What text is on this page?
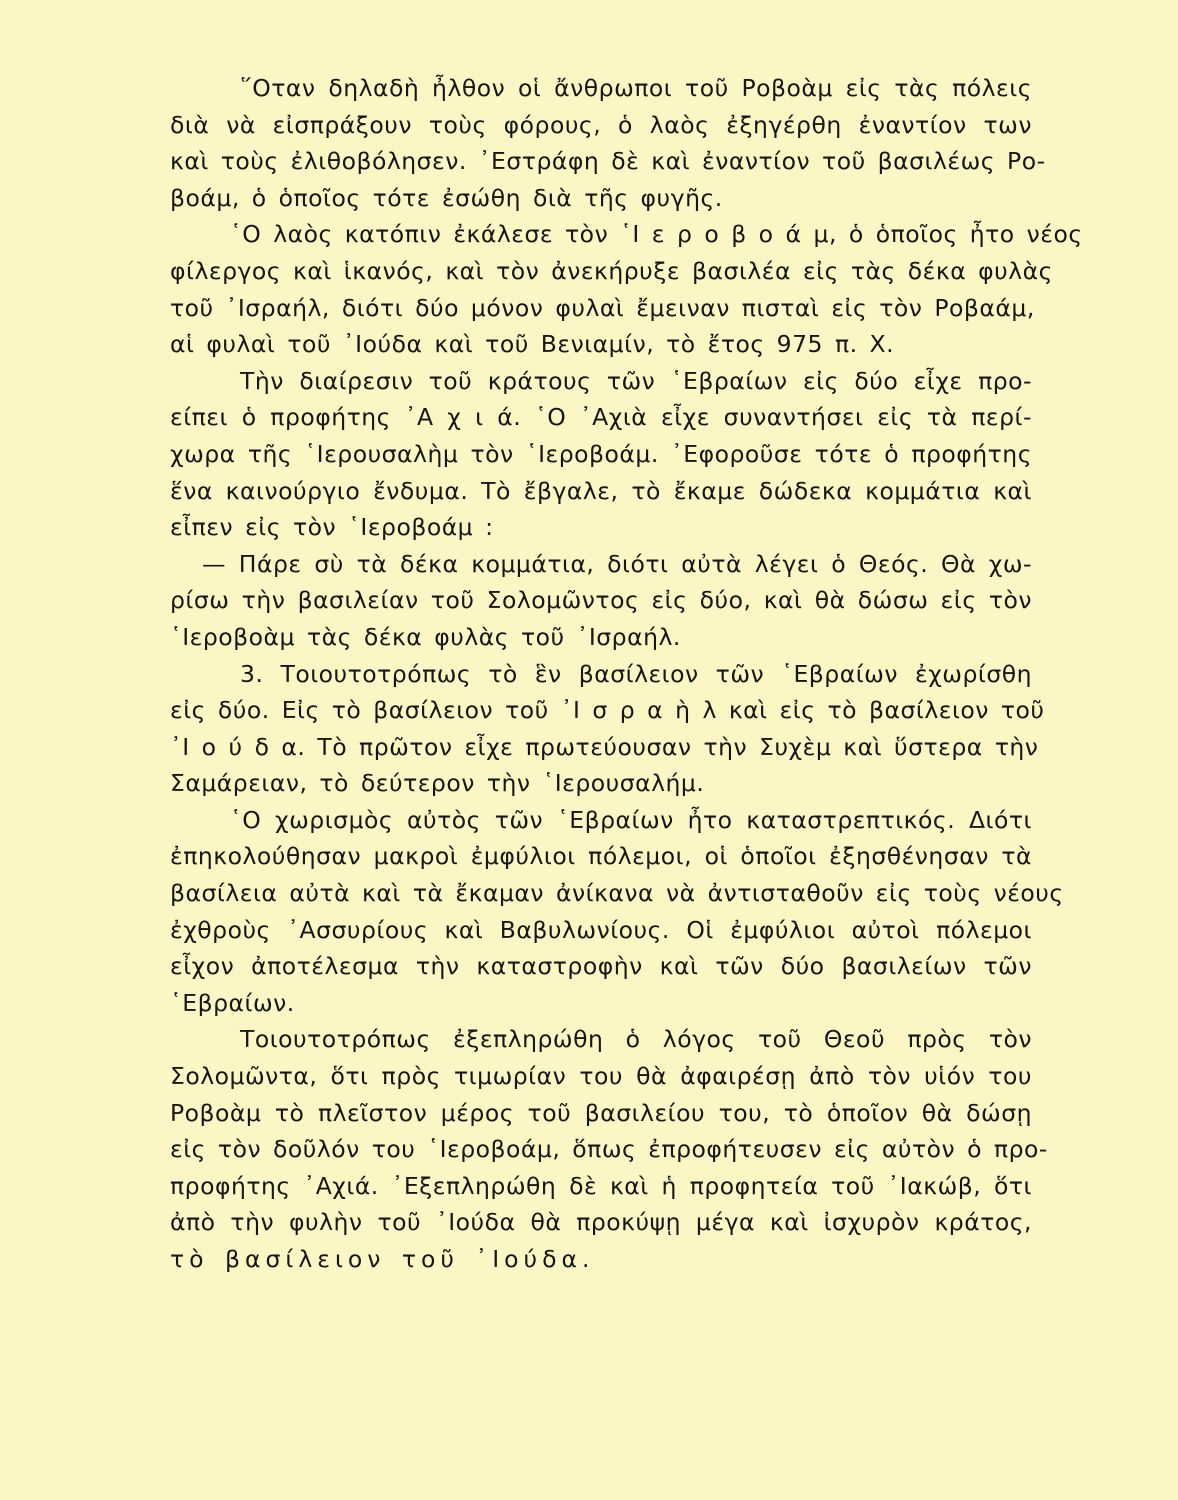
῞Οταν δηλαδὴ ἦλθον οἱ ἄνθρωποι τοῦ Ροβοὰμ εἰς τὰς πόλεις
διὰ νὰ εἰσπράξουν τοὺς φόρους, ὁ λαὸς ἐξηγέρθη ἐναντίον των
καὶ τοὺς ἐλιθοβόλησεν. ᾿Εστράφη δὲ καὶ ἐναντίον τοῦ βασιλέως Ρο-
βοάμ, ὁ ὁποῖος τότε ἐσώθη διὰ τῆς φυγῆς.
῾Ο λαὸς κατόπιν ἐκάλεσε τὸν ῾Ι ε ρ ο β ο ά μ, ὁ ὁποῖος ἦτο νέος
φίλεργος καὶ ἱκανός, καὶ τὸν ἀνεκήρυξε βασιλέα εἰς τὰς δέκα φυλὰς
τοῦ ᾿Ισραήλ, διότι δύο μόνον φυλαὶ ἔμειναν πισταὶ εἰς τὸν Ροβαάμ,
αἱ φυλαὶ τοῦ ᾿Ιούδα καὶ τοῦ Βενιαμίν, τὸ ἔτος 975 π. Χ.
Τὴν διαίρεσιν τοῦ κράτους τῶν ῾Εβραίων εἰς δύο εἶχε προ-
είπει ὁ προφήτης ᾿Α χ ι ά. ῾Ο ᾿Αχιὰ εἶχε συναντήσει εἰς τὰ περί-
χωρα τῆς ῾Ιερουσαλὴμ τὸν ῾Ιεροβοάμ. ᾿Εφοροῦσε τότε ὁ προφήτης
ἕνα καινούργιο ἔνδυμα. Τὸ ἔβγαλε, τὸ ἔκαμε δώδεκα κομμάτια καὶ
εἶπεν εἰς τὸν ῾Ιεροβοάμ :
— Πάρε σὺ τὰ δέκα κομμάτια, διότι αὐτὰ λέγει ὁ Θεός. Θὰ χω-
ρίσω τὴν βασιλείαν τοῦ Σολομῶντος εἰς δύο, καὶ θὰ δώσω εἰς τὸν
῾Ιεροβοὰμ τὰς δέκα φυλὰς τοῦ ᾿Ισραήλ.
3. Τοιουτοτρόπως τὸ ἓν βασίλειον τῶν ῾Εβραίων ἐχωρίσθη
εἰς δύο. Εἰς τὸ βασίλειον τοῦ ᾿Ι σ ρ α ὴ λ καὶ εἰς τὸ βασίλειον τοῦ
᾿Ι ο ύ δ α. Τὸ πρῶτον εἶχε πρωτεύουσαν τὴν Συχὲμ καὶ ὕστερα τὴν
Σαμάρειαν, τὸ δεύτερον τὴν ῾Ιερουσαλήμ.
῾Ο χωρισμὸς αὐτὸς τῶν ῾Εβραίων ἦτο καταστρεπτικός. Διότι
ἐπηκολούθησαν μακροὶ ἐμφύλιοι πόλεμοι, οἱ ὁποῖοι ἐξησθένησαν τὰ
βασίλεια αὐτὰ καὶ τὰ ἔκαμαν ἀνίκανα νὰ ἀντισταθοῦν εἰς τοὺς νέους
ἐχθροὺς ᾿Ασσυρίους καὶ Βαβυλωνίους. Οἱ ἐμφύλιοι αὐτοὶ πόλεμοι
εἶχον ἀποτέλεσμα τὴν καταστροφὴν καὶ τῶν δύο βασιλείων τῶν
῾Εβραίων.
Τοιουτοτρόπως ἐξεπληρώθη ὁ λόγος τοῦ Θεοῦ πρὸς τὸν
Σολομῶντα, ὅτι πρὸς τιμωρίαν του θὰ ἀφαιρέσῃ ἀπὸ τὸν υἱόν του
Ροβοὰμ τὸ πλεῖστον μέρος τοῦ βασιλείου του, τὸ ὁποῖον θὰ δώσῃ
εἰς τὸν δοῦλόν του ῾Ιεροβοάμ, ὅπως ἐπροφήτευσεν εἰς αὐτὸν ὁ προ-
προφήτης ᾿Αχιά. ᾿Εξεπληρώθη δὲ καὶ ἡ προφητεία τοῦ ᾿Ιακώβ, ὅτι
ἀπὸ τὴν φυλὴν τοῦ ᾿Ιούδα θὰ προκύψῃ μέγα καὶ ἰσχυρὸν κράτος,
τὸ βασίλειον τοῦ ᾿Ιούδα.
